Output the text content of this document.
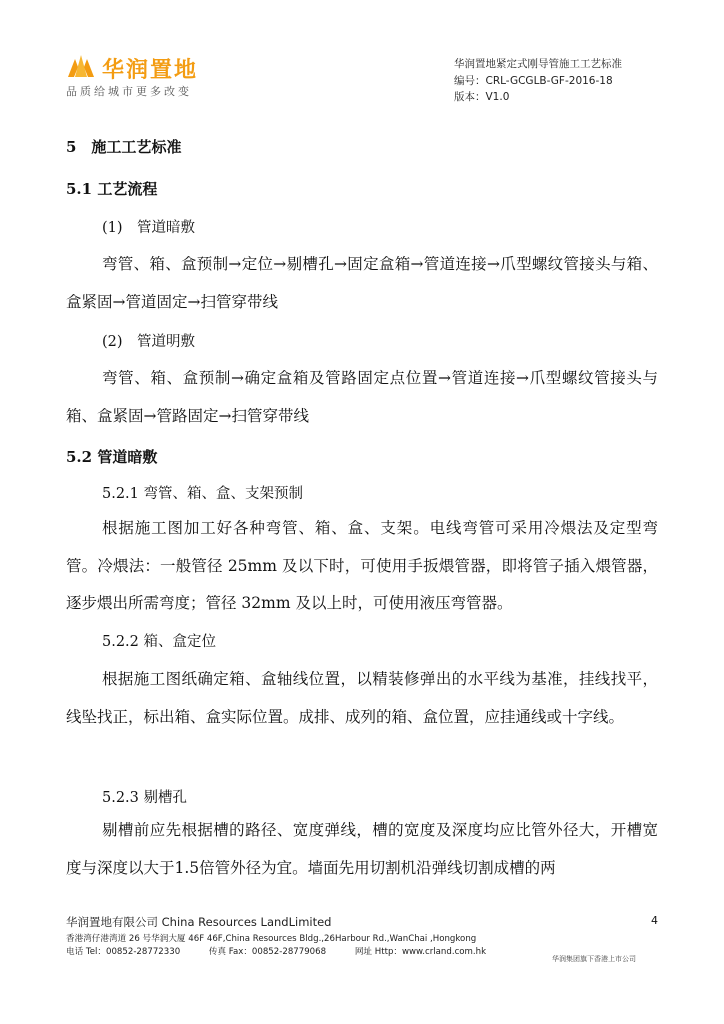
华润置地
品质给城市更多改变
华润置地紧定式刚导管施工工艺标准
编号：CRL-GCGLB-GF-2016-18
版本：V1.0
5　施工工艺标准
5.1 工艺流程
(1)　管道暗敷
弯管、箱、盒预制→定位→剔槽孔→固定盒箱→管道连接→爪型螺纹管接头与箱、盒紧固→管道固定→扫管穿带线
(2)　管道明敷
弯管、箱、盒预制→确定盒箱及管路固定点位置→管道连接→爪型螺纹管接头与箱、盒紧固→管路固定→扫管穿带线
5.2 管道暗敷
5.2.1 弯管、箱、盒、支架预制
根据施工图加工好各种弯管、箱、盒、支架。电线弯管可采用冷煨法及定型弯管。冷煨法：一般管径 25mm 及以下时，可使用手扳煨管器，即将管子插入煨管器，逐步煨出所需弯度；管径 32mm 及以上时，可使用液压弯管器。
5.2.2 箱、盒定位
根据施工图纸确定箱、盒轴线位置，以精装修弹出的水平线为基准，挂线找平，线坠找正，标出箱、盒实际位置。成排、成列的箱、盒位置，应挂通线或十字线。
5.2.3 剔槽孔
剔槽前应先根据槽的路径、宽度弹线，槽的宽度及深度均应比管外径大，开槽宽度与深度以大于1.5倍管外径为宜。墙面先用切割机沿弹线切割成槽的两
华润置地有限公司 China Resources LandLimited
香港湾仔港湾道 26 号华润大厦 46F 46F,China Resources Bldg.,26Harbour Rd.,WanChai ,Hongkong
电话 Tel：00852-28772330	传真 Fax：00852-28779068	网址 Http：www.crland.com.hk
4
华润集团旗下香港上市公司
